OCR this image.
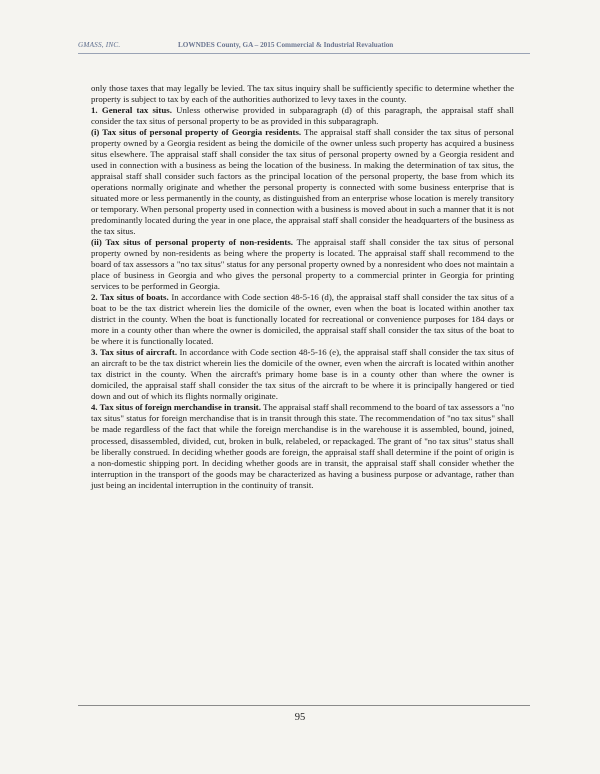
GMASS, INC.	LOWNDES County, GA – 2015 Commercial & Industrial Revaluation

only those taxes that may legally be levied. The tax situs inquiry shall be sufficiently specific to determine whether the property is subject to tax by each of the authorities authorized to levy taxes in the county.

1. General tax situs. Unless otherwise provided in subparagraph (d) of this paragraph, the appraisal staff shall consider the tax situs of personal property to be as provided in this subparagraph.

(i) Tax situs of personal property of Georgia residents. The appraisal staff shall consider the tax situs of personal property owned by a Georgia resident as being the domicile of the owner unless such property has acquired a business situs elsewhere. The appraisal staff shall consider the tax situs of personal property owned by a Georgia resident and used in connection with a business as being the location of the business. In making the determination of tax situs, the appraisal staff shall consider such factors as the principal location of the personal property, the base from which its operations normally originate and whether the personal property is connected with some business enterprise that is situated more or less permanently in the county, as distinguished from an enterprise whose location is merely transitory or temporary. When personal property used in connection with a business is moved about in such a manner that it is not predominantly located during the year in one place, the appraisal staff shall consider the headquarters of the business as the tax situs.

(ii) Tax situs of personal property of non-residents. The appraisal staff shall consider the tax situs of personal property owned by non-residents as being where the property is located. The appraisal staff shall recommend to the board of tax assessors a "no tax situs" status for any personal property owned by a nonresident who does not maintain a place of business in Georgia and who gives the personal property to a commercial printer in Georgia for printing services to be performed in Georgia.

2. Tax situs of boats. In accordance with Code section 48-5-16 (d), the appraisal staff shall consider the tax situs of a boat to be the tax district wherein lies the domicile of the owner, even when the boat is located within another tax district in the county. When the boat is functionally located for recreational or convenience purposes for 184 days or more in a county other than where the owner is domiciled, the appraisal staff shall consider the tax situs of the boat to be where it is functionally located.

3. Tax situs of aircraft. In accordance with Code section 48-5-16 (e), the appraisal staff shall consider the tax situs of an aircraft to be the tax district wherein lies the domicile of the owner, even when the aircraft is located within another tax district in the county. When the aircraft's primary home base is in a county other than where the owner is domiciled, the appraisal staff shall consider the tax situs of the aircraft to be where it is principally hangered or tied down and out of which its flights normally originate.

4. Tax situs of foreign merchandise in transit. The appraisal staff shall recommend to the board of tax assessors a "no tax situs" status for foreign merchandise that is in transit through this state. The recommendation of "no tax situs" shall be made regardless of the fact that while the foreign merchandise is in the warehouse it is assembled, bound, joined, processed, disassembled, divided, cut, broken in bulk, relabeled, or repackaged. The grant of "no tax situs" status shall be liberally construed. In deciding whether goods are foreign, the appraisal staff shall determine if the point of origin is a non-domestic shipping port. In deciding whether goods are in transit, the appraisal staff shall consider whether the interruption in the transport of the goods may be characterized as having a business purpose or advantage, rather than just being an incidental interruption in the continuity of transit.

95
